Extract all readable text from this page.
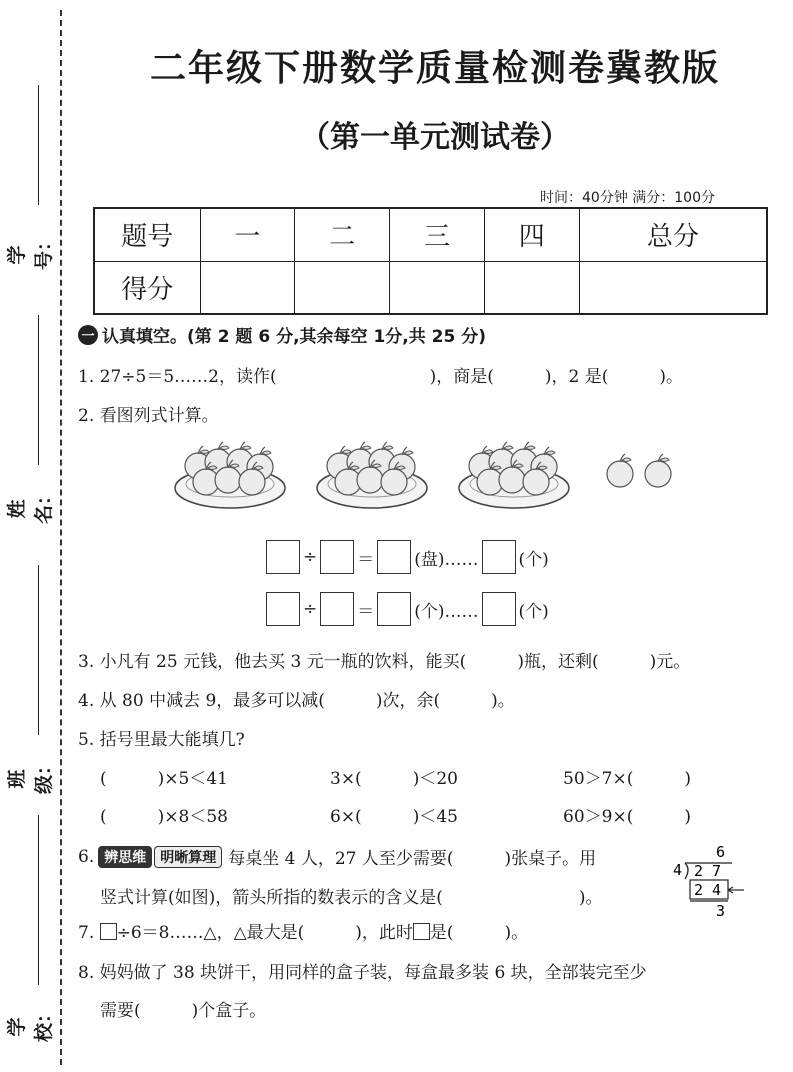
学号：
姓名：
班级：
学校：
二年级下册数学质量检测卷冀教版
（第一单元测试卷）
时间：40分钟 满分：100分
题号	一	二	三	四	总分
得分					
一 认真填空。(第 2 题 6 分,其余每空 1分,共 25 分)
1. 27÷5＝5……2，读作(　　　　　　　　　)，商是(　　　)，2 是(　　　)。
2. 看图列式计算。
÷ ＝ (盘)…… (个)
÷ ＝ (个)…… (个)
3. 小凡有 25 元钱，他去买 3 元一瓶的饮料，能买(　　　)瓶，还剩(　　　)元。
4. 从 80 中减去 9，最多可以减(　　　)次，余(　　　)。
5. 括号里最大能填几?
(　　　)×5＜41	3×(　　　)＜20	50＞7×(　　　)
(　　　)×8＜58	6×(　　　)＜45	60＞9×(　　　)
6. 辨思维	明晰算理 每桌坐 4 人，27 人至少需要(　　　)张桌子。用
竖式计算(如图)，箭头所指的数表示的含义是(　　　　　　　　)。
6
4 2 7
2 4
3
7. ÷6＝8……△，△最大是(　　　)，此时 是(　　　)。
8. 妈妈做了 38 块饼干，用同样的盒子装，每盒最多装 6 块，全部装完至少
需要(　　　)个盒子。
